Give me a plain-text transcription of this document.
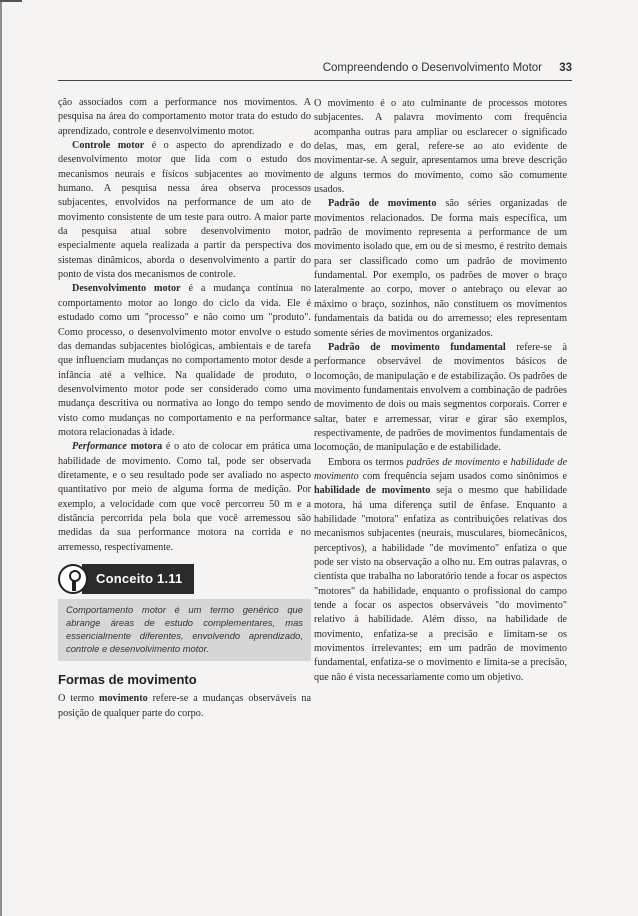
Compreendendo o Desenvolvimento Motor 33

ção associados com a performance nos movimentos. A pesquisa na área do comportamento motor trata do estudo do aprendizado, controle e desenvolvimento motor.

Controle motor é o aspecto do aprendizado e do desenvolvimento motor que lida com o estudo dos mecanismos neurais e físicos subjacentes ao movimento humano. A pesquisa nessa área observa processos subjacentes, envolvidos na performance de um ato de movimento consistente de um teste para outro. A maior parte da pesquisa atual sobre desenvolvimento motor, especialmente aquela realizada a partir da perspectiva dos sistemas dinâmicos, aborda o desenvolvimento a partir do ponto de vista dos mecanismos de controle.

Desenvolvimento motor é a mudança contínua no comportamento motor ao longo do ciclo da vida. Ele é estudado como um "processo" e não como um "produto". Como processo, o desenvolvimento motor envolve o estudo das demandas subjacentes biológicas, ambientais e de tarefa que influenciam mudanças no comportamento motor desde a infância até a velhice. Na qualidade de produto, o desenvolvimento motor pode ser considerado como uma mudança descritiva ou normativa ao longo do tempo sendo visto como mudanças no comportamento e na performance motora relacionadas à idade.

Performance motora é o ato de colocar em prática uma habilidade de movimento. Como tal, pode ser observada diretamente, e o seu resultado pode ser avaliado no aspecto quantitativo por meio de alguma forma de medição. Por exemplo, a velocidade com que você percorreu 50 m e a distância percorrida pela bola que você arremessou são medidas da sua performance motora na corrida e no arremesso, respectivamente.

Conceito 1.11
Comportamento motor é um termo genérico que abrange áreas de estudo complementares, mas essencialmente diferentes, envolvendo aprendizado, controle e desenvolvimento motor.
Formas de movimento

O termo movimento refere-se a mudanças observáveis na posição de qualquer parte do corpo.

O movimento é o ato culminante de processos motores subjacentes. A palavra movimento com frequência acompanha outras para ampliar ou esclarecer o significado delas, mas, em geral, refere-se ao ato evidente de movimentar-se. A seguir, apresentamos uma breve descrição de alguns termos do movimento, como são comumente usados.

Padrão de movimento são séries organizadas de movimentos relacionados. De forma mais específica, um padrão de movimento representa a performance de um movimento isolado que, em ou de si mesmo, é restrito demais para ser classificado como um padrão de movimento fundamental. Por exemplo, os padrões de mover o braço lateralmente ao corpo, mover o antebraço ou elevar ao máximo o braço, sozinhos, não constituem os movimentos fundamentais da batida ou do arremesso; eles representam somente séries de movimentos organizados.

Padrão de movimento fundamental refere-se à performance observável de movimentos básicos de locomoção, de manipulação e de estabilização. Os padrões de movimento fundamentais envolvem a combinação de padrões de movimento de dois ou mais segmentos corporais. Correr e saltar, bater e arremessar, virar e girar são exemplos, respectivamente, de padrões de movimentos fundamentais de locomoção, de manipulação e de estabilidade.

Embora os termos padrões de movimento e habilidade de movimento com frequência sejam usados como sinônimos e habilidade de movimento seja o mesmo que habilidade motora, há uma diferença sutil de ênfase. Enquanto a habilidade "motora" enfatiza as contribuições relativas dos mecanismos subjacentes (neurais, musculares, biomecânicos, perceptivos), a habilidade "de movimento" enfatiza o que pode ser visto na observação a olho nu. Em outras palavras, o cientista que trabalha no laboratório tende a focar os aspectos "motores" da habilidade, enquanto o profissional do campo tende a focar os aspectos observáveis "do movimento" relativo à habilidade. Além disso, na habilidade de movimento, enfatiza-se a precisão e limitam-se os movimentos irrelevantes; em um padrão de movimento fundamental, enfatiza-se o movimento e limita-se a precisão, que não é vista necessariamente como um objetivo.
